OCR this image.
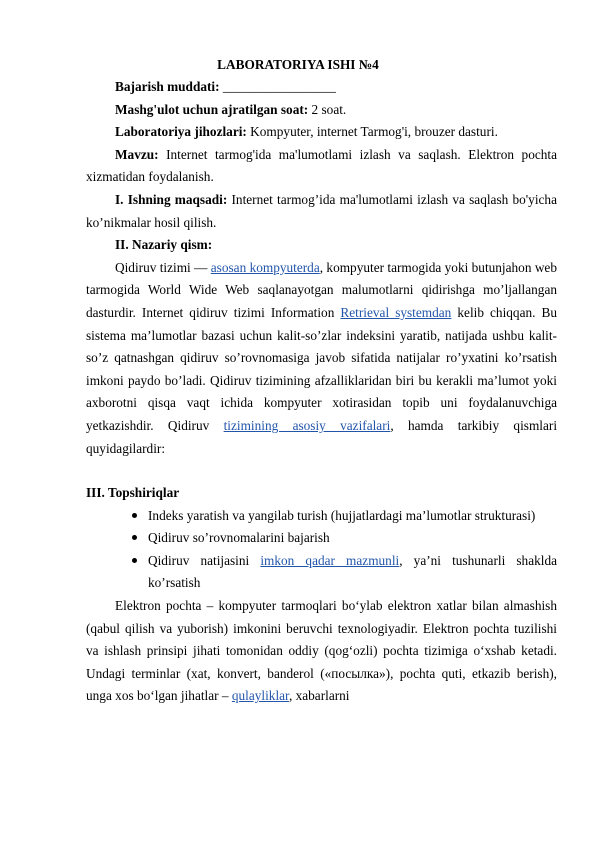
LABORATORIYA ISHI №4
Bajarish muddati: _________________
Mashg'ulot uchun ajratilgan soat: 2 soat.
Laboratoriya jihozlari: Kompyuter, internet Tarmog'i, brouzer dasturi.
Mavzu: Internet tarmog'ida ma'lumotlami izlash va saqlash. Elektron pochta xizmatidan foydalanish.
I. Ishning maqsadi: Internet tarmog’ida ma'lumotlami izlash va saqlash bo'yicha ko’nikmalar hosil qilish.
II. Nazariy qism:
Qidiruv tizimi — asosan kompyuterda, kompyuter tarmogida yoki butunjahon web tarmogida World Wide Web saqlanayotgan malumotlarni qidirishga mo’ljallangan dasturdir. Internet qidiruv tizimi Information Retrieval systemdan kelib chiqqan. Bu sistema ma’lumotlar bazasi uchun kalit-so’zlar indeksini yaratib, natijada ushbu kalit-so’z qatnashgan qidiruv so’rovnomasiga javob sifatida natijalar ro’yxatini ko’rsatish imkoni paydo bo’ladi. Qidiruv tizimining afzalliklaridan biri bu kerakli ma’lumot yoki axborotni qisqa vaqt ichida kompyuter xotirasidan topib uni foydalanuvchiga yetkazishdir. Qidiruv tizimining asosiy vazifalari, hamda tarkibiy qismlari quyidagilardir:
III. Topshiriqlar
Indeks yaratish va yangilab turish (hujjatlardagi ma’lumotlar strukturasi)
Qidiruv so’rovnomalarini bajarish
Qidiruv natijasini imkon qadar mazmunli, ya’ni tushunarli shaklda ko’rsatish
Elektron pochta – kompyuter tarmoqlari bo‘ylab elektron xatlar bilan almashish (qabul qilish va yuborish) imkonini beruvchi texnologiyadir. Elektron pochta tuzilishi va ishlash prinsipi jihati tomonidan oddiy (qog‘ozli) pochta tizimiga o‘xshab ketadi. Undagi terminlar (xat, konvert, banderol («посылка»), pochta quti, etkazib berish), unga xos bo‘lgan jihatlar – qulayliklar, xabarlarni
